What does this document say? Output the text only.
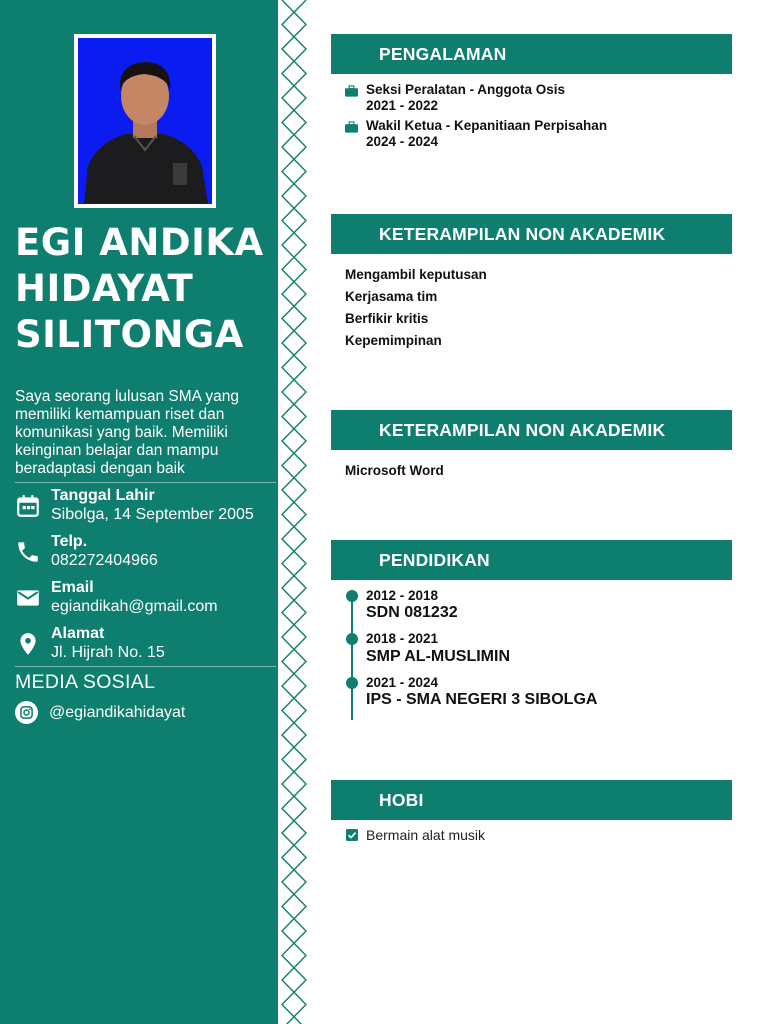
EGI ANDIKA
HIDAYAT
SILITONGA
Saya seorang lulusan SMA yang memiliki kemampuan riset dan komunikasi yang baik. Memiliki keinginan belajar dan mampu beradaptasi dengan baik
Tanggal Lahir
Sibolga, 14 September 2005
Telp.
082272404966
Email
egiandikah@gmail.com
Alamat
Jl. Hijrah No. 15
MEDIA SOSIAL
@egiandikahidayat
PENGALAMAN
Seksi Peralatan - Anggota Osis
2021 - 2022
Wakil Ketua - Kepanitiaan Perpisahan
2024 - 2024
KETERAMPILAN NON AKADEMIK
Mengambil keputusan
Kerjasama tim
Berfikir kritis
Kepemimpinan
KETERAMPILAN NON AKADEMIK
Microsoft Word
PENDIDIKAN
2012 - 2018
SDN 081232
2018 - 2021
SMP AL-MUSLIMIN
2021 - 2024
IPS - SMA NEGERI 3 SIBOLGA
HOBI
Bermain alat musik
